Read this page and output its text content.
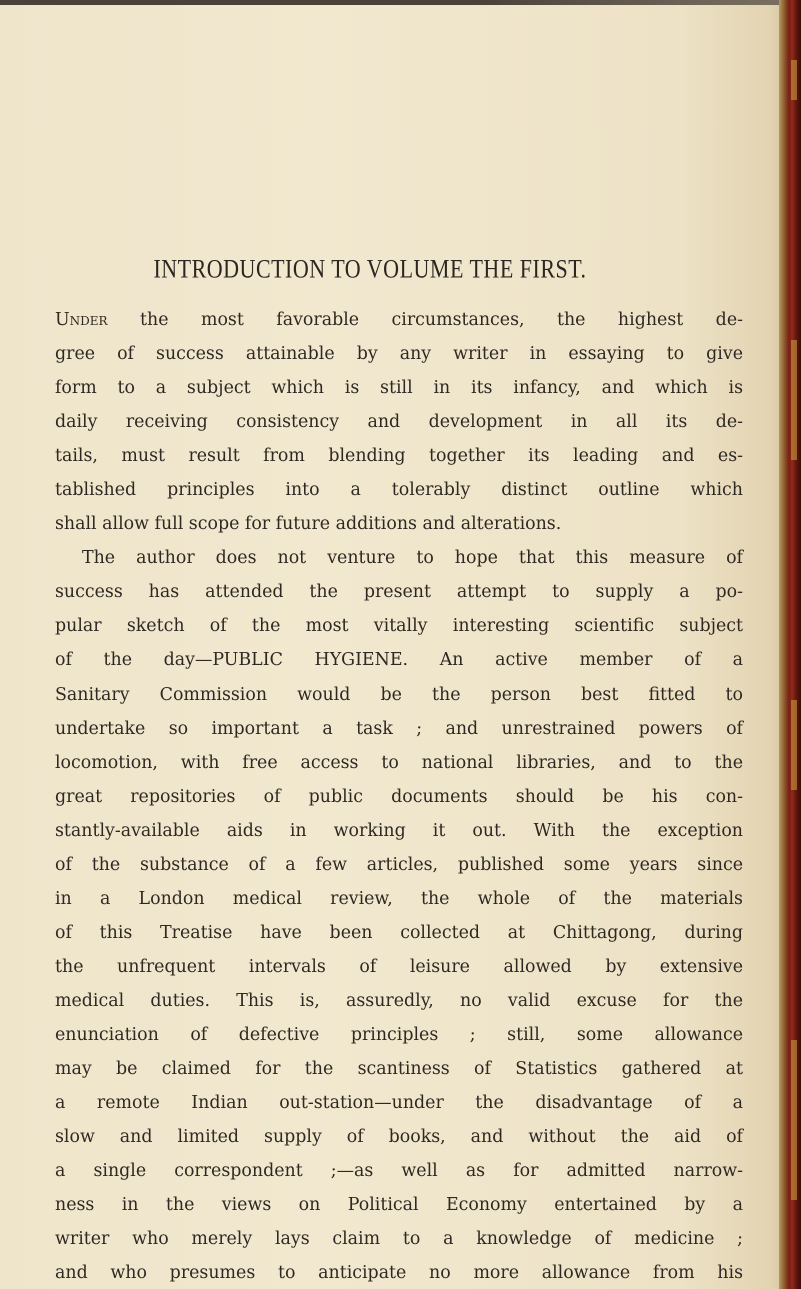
INTRODUCTION TO VOLUME THE FIRST.
Under the most favorable circumstances, the highest de-
gree of success attainable by any writer in essaying to give
form to a subject which is still in its infancy, and which is
daily receiving consistency and development in all its de-
tails, must result from blending together its leading and es-
tablished principles into a tolerably distinct outline which
shall allow full scope for future additions and alterations.
The author does not venture to hope that this measure of
success has attended the present attempt to supply a po-
pular sketch of the most vitally interesting scientific subject
of the day—PUBLIC HYGIENE. An active member of a
Sanitary Commission would be the person best fitted to
undertake so important a task ; and unrestrained powers of
locomotion, with free access to national libraries, and to the
great repositories of public documents should be his con-
stantly-available aids in working it out. With the exception
of the substance of a few articles, published some years since
in a London medical review, the whole of the materials
of this Treatise have been collected at Chittagong, during
the unfrequent intervals of leisure allowed by extensive
medical duties. This is, assuredly, no valid excuse for the
enunciation of defective principles ; still, some allowance
may be claimed for the scantiness of Statistics gathered at
a remote Indian out-station—under the disadvantage of a
slow and limited supply of books, and without the aid of
a single correspondent ;—as well as for admitted narrow-
ness in the views on Political Economy entertained by a
writer who merely lays claim to a knowledge of medicine ;
and who presumes to anticipate no more allowance from his
